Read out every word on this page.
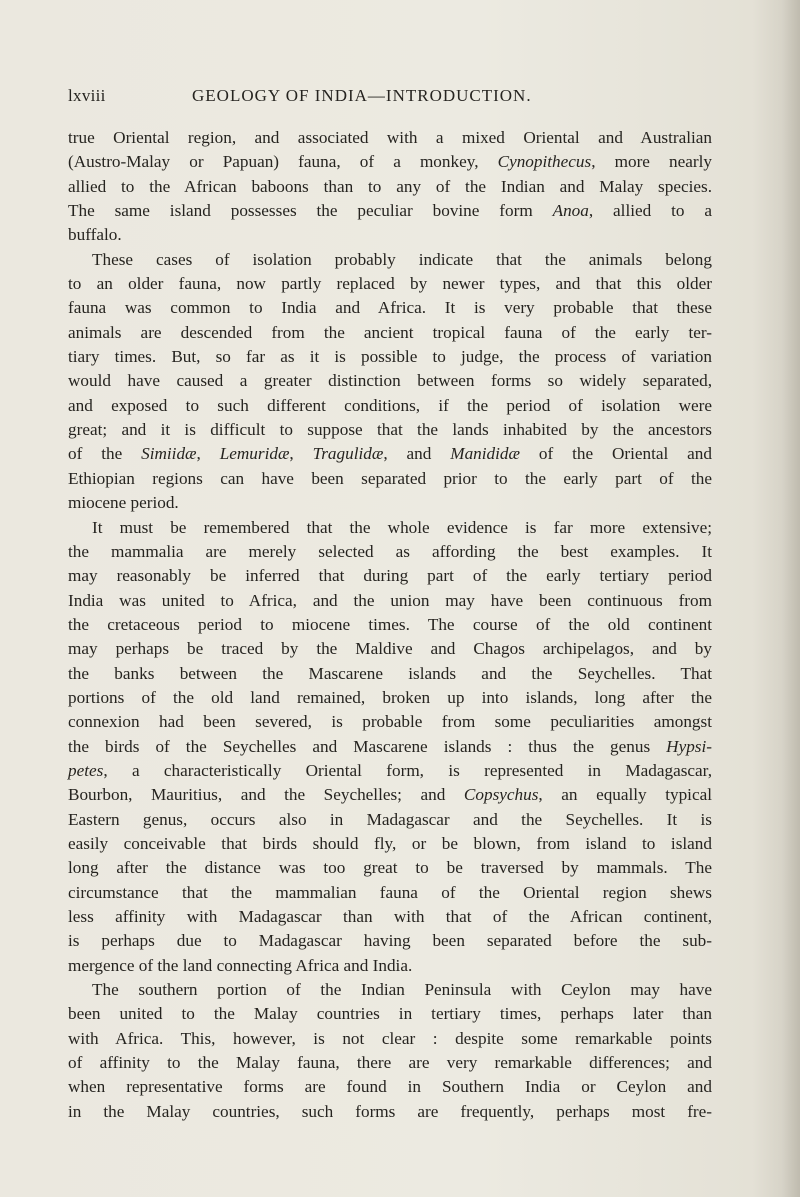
lxviii	GEOLOGY OF INDIA—INTRODUCTION.
true Oriental region, and associated with a mixed Oriental and Australian
(Austro-Malay or Papuan) fauna, of a monkey, Cynopithecus, more nearly
allied to the African baboons than to any of the Indian and Malay species.
The same island possesses the peculiar bovine form Anoa, allied to a
buffalo.
These cases of isolation probably indicate that the animals belong
to an older fauna, now partly replaced by newer types, and that this older
fauna was common to India and Africa. It is very probable that these
animals are descended from the ancient tropical fauna of the early ter-
tiary times. But, so far as it is possible to judge, the process of variation
would have caused a greater distinction between forms so widely separated,
and exposed to such different conditions, if the period of isolation were
great; and it is difficult to suppose that the lands inhabited by the ancestors
of the Simiidæ, Lemuridæ, Tragulidæ, and Manididæ of the Oriental and
Ethiopian regions can have been separated prior to the early part of the
miocene period.
It must be remembered that the whole evidence is far more extensive;
the mammalia are merely selected as affording the best examples. It
may reasonably be inferred that during part of the early tertiary period
India was united to Africa, and the union may have been continuous from
the cretaceous period to miocene times. The course of the old continent
may perhaps be traced by the Maldive and Chagos archipelagos, and by
the banks between the Mascarene islands and the Seychelles. That
portions of the old land remained, broken up into islands, long after the
connexion had been severed, is probable from some peculiarities amongst
the birds of the Seychelles and Mascarene islands : thus the genus Hypsi-
petes, a characteristically Oriental form, is represented in Madagascar,
Bourbon, Mauritius, and the Seychelles; and Copsychus, an equally typical
Eastern genus, occurs also in Madagascar and the Seychelles. It is
easily conceivable that birds should fly, or be blown, from island to island
long after the distance was too great to be traversed by mammals. The
circumstance that the mammalian fauna of the Oriental region shews
less affinity with Madagascar than with that of the African continent,
is perhaps due to Madagascar having been separated before the sub-
mergence of the land connecting Africa and India.
The southern portion of the Indian Peninsula with Ceylon may have
been united to the Malay countries in tertiary times, perhaps later than
with Africa. This, however, is not clear : despite some remarkable points
of affinity to the Malay fauna, there are very remarkable differences; and
when representative forms are found in Southern India or Ceylon and
in the Malay countries, such forms are frequently, perhaps most fre-
